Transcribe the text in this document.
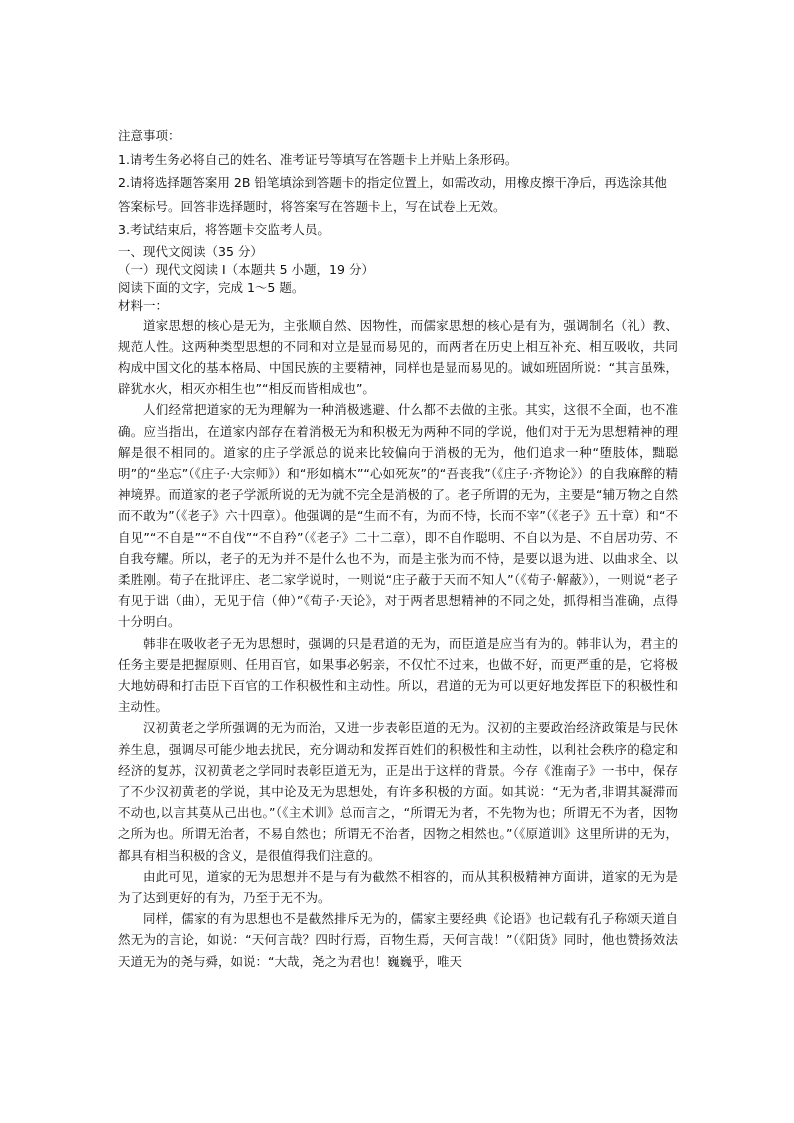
注意事项：

1.请考生务必将自己的姓名、准考证号等填写在答题卡上并贴上条形码。

2.请将选择题答案用 2B 铅笔填涂到答题卡的指定位置上，如需改动，用橡皮擦干净后，再选涂其他答案标号。回答非选择题时，将答案写在答题卡上，写在试卷上无效。

3.考试结束后，将答题卡交监考人员。

一、现代文阅读（35 分）

（一）现代文阅读 I（本题共 5 小题，19 分）

阅读下面的文字，完成 1～5 题。

材料一：

道家思想的核心是无为，主张顺自然、因物性，而儒家思想的核心是有为，强调制名（礼）教、规范人性。这两种类型思想的不同和对立是显而易见的，而两者在历史上相互补充、相互吸收，共同构成中国文化的基本格局、中国民族的主要精神，同样也是显而易见的。诚如班固所说：“其言虽殊，辟犹水火，相灭亦相生也”“相反而皆相成也”。

人们经常把道家的无为理解为一种消极逃避、什么都不去做的主张。其实，这很不全面，也不准确。应当指出，在道家内部存在着消极无为和积极无为两种不同的学说，他们对于无为思想精神的理解是很不相同的。道家的庄子学派总的说来比较偏向于消极的无为，他们追求一种“堕肢体，黜聪明”的“坐忘”（《庄子·大宗师》）和“形如槁木”“心如死灰”的“吾丧我”（《庄子·齐物论》）的自我麻醉的精神境界。而道家的老子学派所说的无为就不完全是消极的了。老子所谓的无为，主要是“辅万物之自然而不敢为”（《老子》六十四章）。他强调的是“生而不有，为而不恃，长而不宰”（《老子》五十章）和“不自见”“不自是”“不自伐”“不自矜”（《老子》二十二章），即不自作聪明、不自以为是、不自居功劳、不自我夸耀。所以，老子的无为并不是什么也不为，而是主张为而不恃，是要以退为进、以曲求全、以柔胜刚。荀子在批评庄、老二家学说时，一则说“庄子蔽于天而不知人”（《荀子·解蔽》），一则说“老子有见于诎（曲），无见于信（伸）”《荀子·天论》，对于两者思想精神的不同之处，抓得相当准确，点得十分明白。

韩非在吸收老子无为思想时，强调的只是君道的无为，而臣道是应当有为的。韩非认为，君主的任务主要是把握原则、任用百官，如果事必躬亲，不仅忙不过来，也做不好，而更严重的是，它将极大地妨碍和打击臣下百官的工作积极性和主动性。所以，君道的无为可以更好地发挥臣下的积极性和主动性。

汉初黄老之学所强调的无为而治，又进一步表彰臣道的无为。汉初的主要政治经济政策是与民休养生息，强调尽可能少地去扰民，充分调动和发挥百姓们的积极性和主动性，以利社会秩序的稳定和经济的复苏，汉初黄老之学同时表彰臣道无为，正是出于这样的背景。今存《淮南子》一书中，保存了不少汉初黄老的学说，其中论及无为思想处，有许多积极的方面。如其说：“无为者,非谓其凝滞而不动也,以言其莫从己出也。”（《主术训》总而言之，“所谓无为者，不先物为也；所谓无不为者，因物之所为也。所谓无治者，不易自然也；所谓无不治者，因物之相然也。”（《原道训》这里所讲的无为，都具有相当积极的含义，是很值得我们注意的。

由此可见，道家的无为思想并不是与有为截然不相容的，而从其积极精神方面讲，道家的无为是为了达到更好的有为，乃至于无不为。

同样，儒家的有为思想也不是截然排斥无为的，儒家主要经典《论语》也记载有孔子称颂天道自然无为的言论，如说：“天何言哉？四时行焉，百物生焉，天何言哉！”（《阳货》同时，他也赞扬效法天道无为的尧与舜，如说：“大哉，尧之为君也！巍巍乎，唯天
